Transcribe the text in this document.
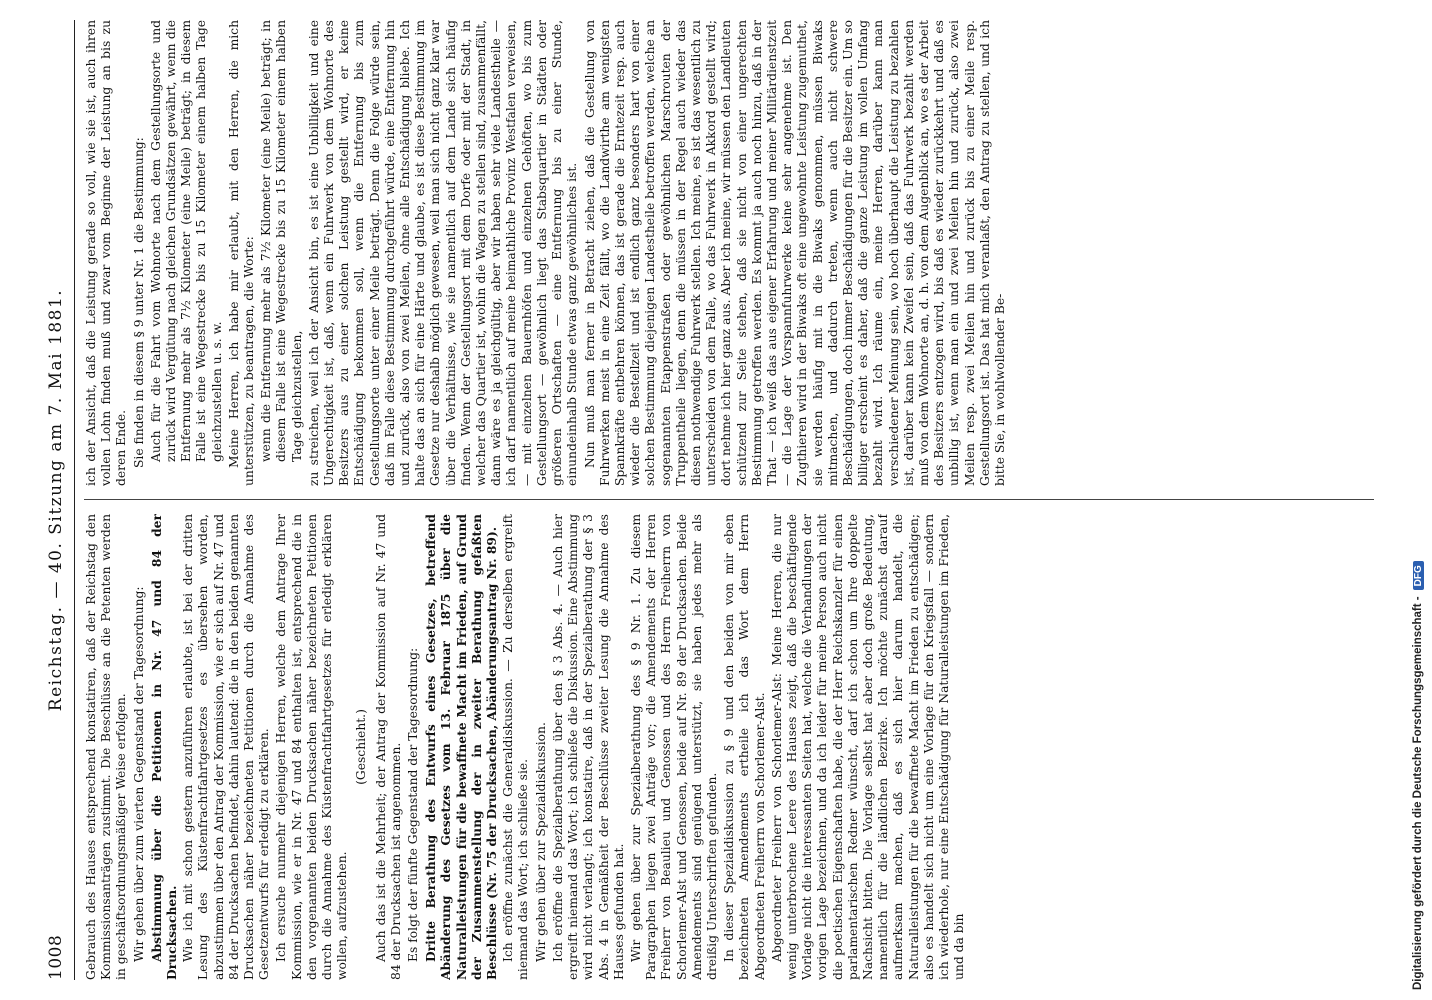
1008
Reichstag. — 40. Sitzung am 7. Mai 1881.

Gebrauch des Hauses entsprechend konstatiren, daß der Reichstag den Kommissionsanträgen zustimmt. Die Beschlüsse an die Petenten werden in geschäftsordnungsmäßiger Weise erfolgen. Wir gehen über zum vierten Gegenstand der Tagesordnung: Abstimmung über die Petitionen in Nr. 47 und 84 der Drucksachen. Wie ich mit schon gestern anzuführen erlaubte, ist bei der dritten Lesung des Küstenfrachtfahrtgesetzes es übersehen worden, abzustimmen über den Antrag der Kommission, wie er sich auf Nr. 47 und 84 der Drucksachen befindet, dahin lautend: die in den beiden genannten Drucksachen näher bezeichneten Petitionen durch die Annahme des Gesetzentwurfs für erledigt zu erklären. Ich ersuche nunmehr diejenigen Herren, welche dem Antrage Ihrer Kommission, wie er in Nr. 47 und 84 enthalten ist, entsprechend die in den vorgenannten beiden Drucksachen näher bezeichneten Petitionen durch die Annahme des Küstenfrachtfahrtgesetzes für erledigt erklären wollen, aufzustehen.

(Geschieht.) Auch das ist die Mehrheit; der Antrag der Kommission auf Nr. 47 und 84 der Drucksachen ist angenommen. Es folgt der fünfte Gegenstand der Tagesordnung: Dritte Berathung des Entwurfs eines Gesetzes, betreffend Abänderung des Gesetzes vom 13. Februar 1875 über die Naturalleistungen für die bewaffnete Macht im Frieden, auf Grund der Zusammenstellung der in zweiter Berathung gefaßten Beschlüsse (Nr. 75 der Drucksachen, Abänderungsantrag Nr. 89). Ich eröffne zunächst die Generaldiskussion. — Zu derselben ergreift niemand das Wort; ich schließe sie. Wir gehen über zur Spezialdiskussion. Ich eröffne die Spezialberathung über den § 3 Abs. 4. — Auch hier ergreift niemand das Wort; ich schließe die Diskussion. Eine Abstimmung wird nicht verlangt; ich konstatire, daß in der Spezialberathung der § 3 Abs. 4 in Gemäßheit der Beschlüsse zweiter Lesung die Annahme des Hauses gefunden hat. Wir gehen über zur Spezialberathung des § 9 Nr. 1. Zu diesem Paragraphen liegen zwei Anträge vor; die Amendements der Herren Freiherr von Beaulieu und Genossen und des Herrn Freiherrn von Schorlemer-Alst und Genossen, beide auf Nr. 89 der Drucksachen. Beide Amendements sind genügend unterstützt, sie haben jedes mehr als dreißig Unterschriften gefunden. In dieser Spezialdiskussion zu § 9 und den beiden von mir eben bezeichneten Amendements ertheile ich das Wort dem Herrn Abgeordneten Freiherrn von Schorlemer-Alst. Abgeordneter Freiherr von Schorlemer-Alst: Meine Herren, die nur wenig unterbrochene Leere des Hauses zeigt, daß die beschäftigende Vorlage nicht die interessanten Seiten hat, welche die Verhandlungen der vorigen Lage bezeichnen, und da ich leider für meine Person auch nicht die poetischen Eigenschaften habe, die der Herr Reichskanzler für einen parlamentarischen Redner wünscht, darf ich schon um Ihre doppelte Nachsicht bitten. Die Vorlage selbst hat aber doch große Bedeutung, namentlich für die ländlichen Bezirke. Ich möchte zunächst darauf aufmerksam machen, daß es sich hier darum handelt, die Naturalleistungen für die bewaffnete Macht im Frieden zu entschädigen; also es handelt sich nicht um eine Vorlage für den Kriegsfall — sondern ich wiederhole, nur eine Entschädigung für Naturalleistungen im Frieden, und da bin

ich der Ansicht, daß die Leistung gerade so voll, wie sie ist, auch ihren vollen Lohn finden muß und zwar vom Beginne der Leistung an bis zu deren Ende. Sie finden in diesem § 9 unter Nr. 1 die Bestimmung: Auch für die Fahrt vom Wohnorte nach dem Gestellungsorte und zurück wird Vergütung nach gleichen Grundsätzen gewährt, wenn die Entfernung mehr als 7½ Kilometer (eine Meile) beträgt; in diesem Falle ist eine Wegestrecke bis zu 15 Kilometer einem halben Tage gleichzustellen u. s. w. Meine Herren, ich habe mir erlaubt, mit den Herren, die mich unterstützen, zu beantragen, die Worte: wenn die Entfernung mehr als 7½ Kilometer (eine Meile) beträgt; in diesem Falle ist eine Wegestrecke bis zu 15 Kilometer einem halben Tage gleichzustellen, zu streichen, weil ich der Ansicht bin, es ist eine Unbilligkeit und eine Ungerechtigkeit ist, daß, wenn ein Fuhrwerk von dem Wohnorte des Besitzers aus zu einer solchen Leistung gestellt wird, er keine Entschädigung bekommen soll, wenn die Entfernung bis zum Gestellungsorte unter einer Meile beträgt. Denn die Folge würde sein, daß im Falle diese Bestimmung durchgeführt würde, eine Entfernung hin und zurück, also von zwei Meilen, ohne alle Entschädigung bliebe. Ich halte das an sich für eine Härte und glaube, es ist diese Bestimmung im Gesetze nur deshalb möglich gewesen, weil man sich nicht ganz klar war über die Verhältnisse, wie sie namentlich auf dem Lande sich häufig finden. Wenn der Gestellungsort mit dem Dorfe oder mit der Stadt, in welcher das Quartier ist, wohin die Wagen zu stellen sind, zusammenfällt, dann wäre es ja gleichgültig, aber wir haben sehr viele Landestheile — ich darf namentlich auf meine heimathliche Provinz Westfalen verweisen, — mit einzelnen Bauernhöfen und einzelnen Gehöften, wo bis zum Gestellungsort — gewöhnlich liegt das Stabsquartier in Städten oder größeren Ortschaften — eine Entfernung bis zu einer Stunde, einundeinhalb Stunde etwas ganz gewöhnliches ist. Nun muß man ferner in Betracht ziehen, daß die Gestellung von Fuhrwerken meist in eine Zeit fällt, wo die Landwirthe am wenigsten Spannkräfte entbehren können, das ist gerade die Erntezeit resp. auch wieder die Bestellzeit und ist endlich ganz besonders hart von einer solchen Bestimmung diejenigen Landestheile betroffen werden, welche an sogenannten Etappenstraßen oder gewöhnlichen Marschrouten der Truppentheile liegen, denn die müssen in der Regel auch wieder das diesen nothwendige Fuhrwerk stellen. Ich meine, es ist das wesentlich zu unterscheiden von dem Falle, wo das Fuhrwerk in Akkord gestellt wird; dort nehme ich hier ganz aus. Aber ich meine, wir müssen den Landleuten schützend zur Seite stehen, daß sie nicht von einer ungerechten Bestimmung getroffen werden. Es kommt ja auch noch hinzu, daß in der That — ich weiß das aus eigener Erfahrung und meiner Militärdienstzeit — die Lage der Vorspannfuhrwerke keine sehr angenehme ist. Den Zugthieren wird in der Biwaks oft eine ungewohnte Leistung zugemuthet, sie werden häufig mit in die Biwaks genommen, müssen Biwaks mitmachen, und dadurch treten, wenn auch nicht schwere Beschädigungen, doch immer Beschädigungen für die Besitzer ein. Um so billiger erscheint es daher, daß die ganze Leistung im vollen Umfang bezahlt wird. Ich räume ein, meine Herren, darüber kann man verschiedener Meinung sein, wo hoch überhaupt die Leistung zu bezahlen ist, darüber kann kein Zweifel sein, daß das Fuhrwerk bezahlt werden muß von dem Wohnorte an, d. h. von dem Augenblick an, wo es der Arbeit des Besitzers entzogen wird, bis daß es wieder zurückkehrt und daß es unbillig ist, wenn man ein und zwei Meilen hin und zurück, also zwei Meilen resp. zwei Meilen hin und zurück bis zu einer Meile resp. Gestellungsort ist. Das hat mich veranlaßt, den Antrag zu stellen, und ich bitte Sie, in wohlwollender Be-

Digitalisierung gefördert durch die Deutsche Forschungsgemeinschaft -DFG
